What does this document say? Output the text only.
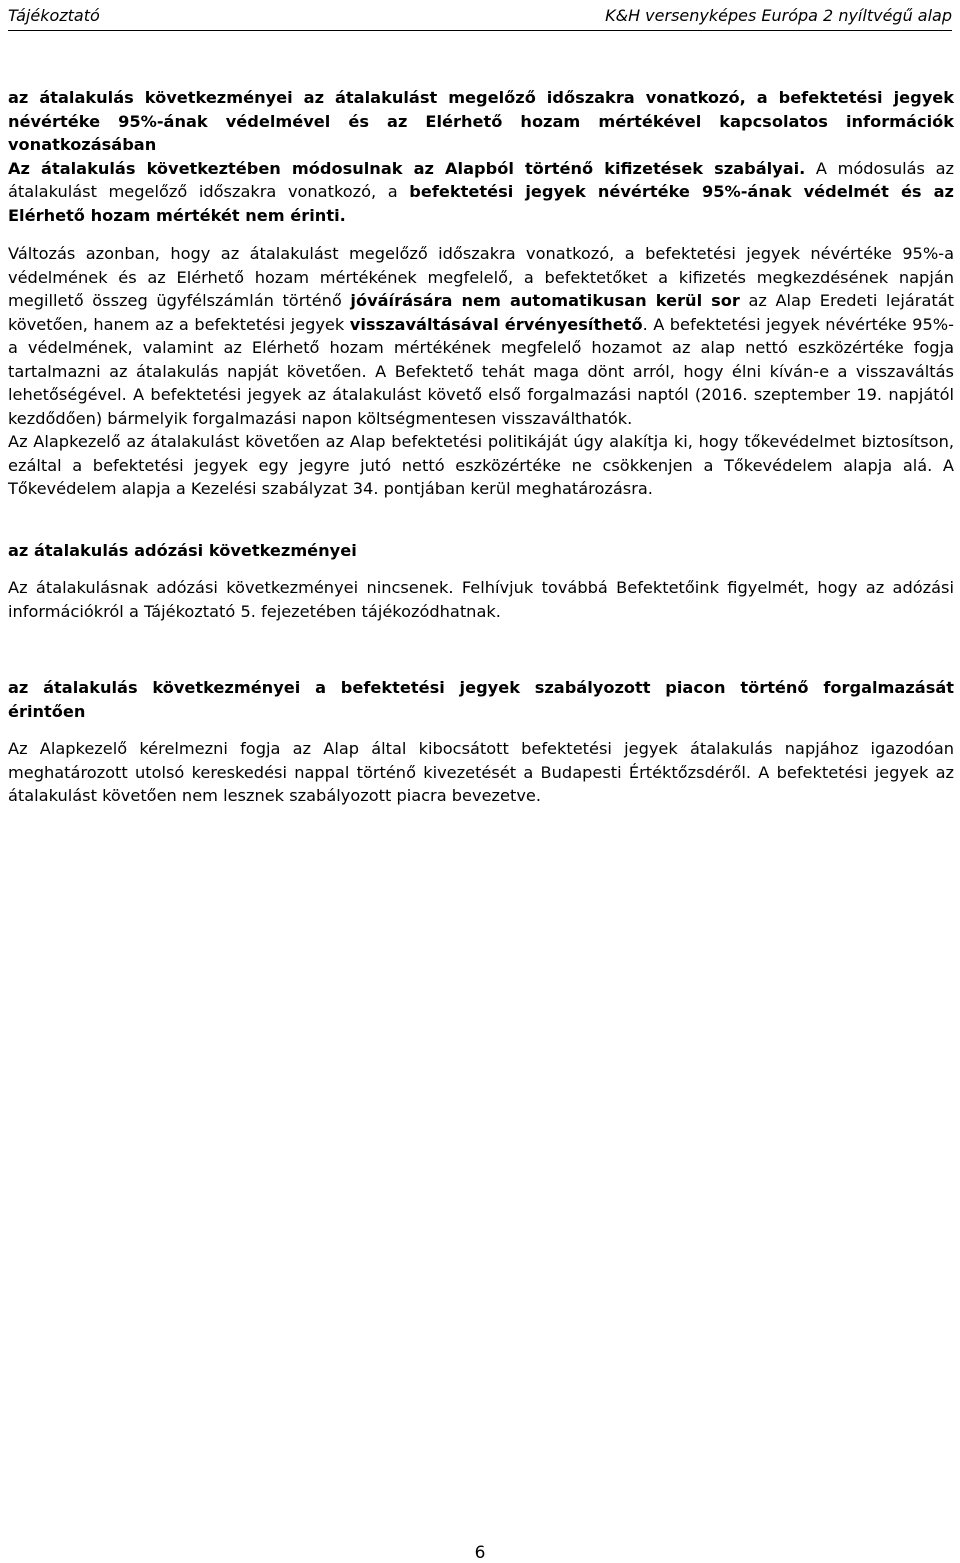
Tájékoztató	K&H versenyképes Európa 2 nyíltvégű alap

az átalakulás következményei az átalakulást megelőző időszakra vonatkozó, a befektetési jegyek névértéke 95%-ának védelmével és az Elérhető hozam mértékével kapcsolatos információk vonatkozásában

Az átalakulás következtében módosulnak az Alapból történő kifizetések szabályai. A módosulás az átalakulást megelőző időszakra vonatkozó, a befektetési jegyek névértéke 95%-ának védelmét és az Elérhető hozam mértékét nem érinti.

Változás azonban, hogy az átalakulást megelőző időszakra vonatkozó, a befektetési jegyek névértéke 95%-a védelmének és az Elérhető hozam mértékének megfelelő, a befektetőket a kifizetés megkezdésének napján megillető összeg ügyfélszámlán történő jóváírására nem automatikusan kerül sor az Alap Eredeti lejáratát követően, hanem az a befektetési jegyek visszaváltásával érvényesíthető. A befektetési jegyek névértéke 95%-a védelmének, valamint az Elérhető hozam mértékének megfelelő hozamot az alap nettó eszközértéke fogja tartalmazni az átalakulás napját követően. A Befektető tehát maga dönt arról, hogy élni kíván-e a visszaváltás lehetőségével. A befektetési jegyek az átalakulást követő első forgalmazási naptól (2016. szeptember 19. napjától kezdődően) bármelyik forgalmazási napon költségmentesen visszaválthatók.

Az Alapkezelő az átalakulást követően az Alap befektetési politikáját úgy alakítja ki, hogy tőkevédelmet biztosítson, ezáltal a befektetési jegyek egy jegyre jutó nettó eszközértéke ne csökkenjen a Tőkevédelem alapja alá. A Tőkevédelem alapja a Kezelési szabályzat 34. pontjában kerül meghatározásra.

az átalakulás adózási következményei

Az átalakulásnak adózási következményei nincsenek. Felhívjuk továbbá Befektetőink figyelmét, hogy az adózási információkról a Tájékoztató 5. fejezetében tájékozódhatnak.

az átalakulás következményei a befektetési jegyek szabályozott piacon történő forgalmazását érintően

Az Alapkezelő kérelmezni fogja az Alap által kibocsátott befektetési jegyek átalakulás napjához igazodóan meghatározott utolsó kereskedési nappal történő kivezetését a Budapesti Értéktőzsdéről. A befektetési jegyek az átalakulást követően nem lesznek szabályozott piacra bevezetve.

6
